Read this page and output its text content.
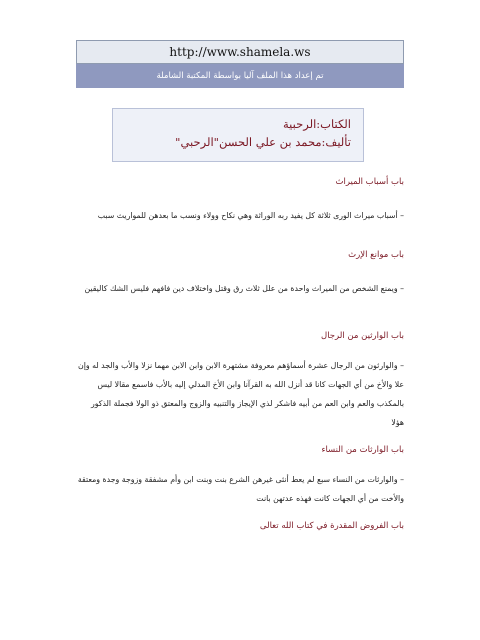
http://www.shamela.ws
تم إعداد هذا الملف آليا بواسطة المكتبة الشاملة
الكتاب:الرحبية
تأليف:محمد بن علي الحسن"الرحبي"
باب أسباب الميراث
– أسباب ميراث الورى ثلاثة كل يفيد ربه الوراثة وهي نكاح وولاء ونسب ما بعدهن للمواريث سبب
باب موانع الإرث
– ويمنع الشخص من الميراث واحدة من علل ثلاث رق وقتل واختلاف دين فافهم فليس الشك كاليقين
باب الوارثين من الرجال
– والوارثون من الرجال عشرة أسماؤهم معروفة مشتهرة الابن وابن الابن مهما نزلا والأب والجد له وإن علا والأخ من أي الجهات كانا قد أنزل الله به القرآنا وابن الأخ المدلي إليه بالأب فاسمع مقالا ليس بالمكذب والعم وابن العم من أبيه فاشكر لذي الإيجاز والتنبيه والزوج والمعتق ذو الولا فجملة الذكور هؤلا
باب الوارثات من النساء
– والوارثات من النساء سبع لم يعط أنثى غيرهن الشرع بنت وبنت ابن وأم مشفقة وزوجة وجدة ومعتقة والأخت من أي الجهات كانت فهذه عدتهن بانت
باب الفروض المقدرة في كتاب الله تعالى
